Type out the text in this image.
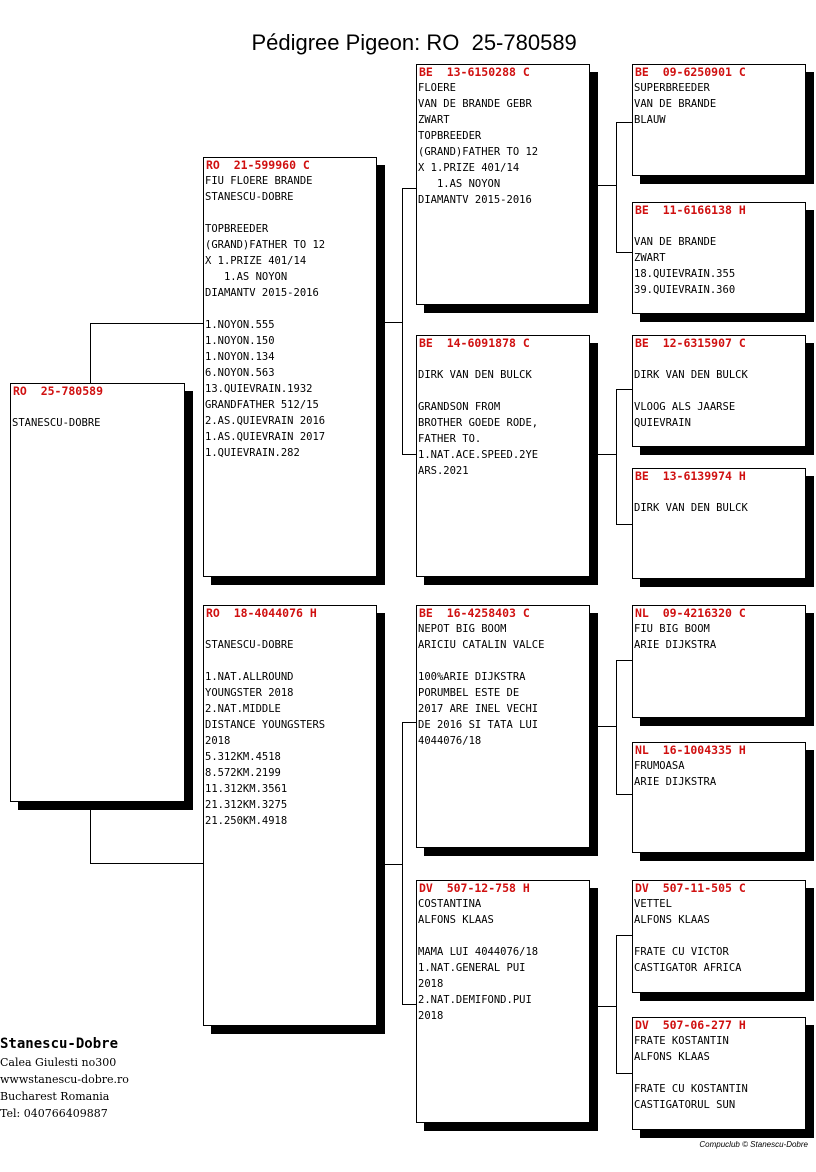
Pédigree Pigeon: RO  25-780589

RO  25-780589
STANESCU-DOBRE
RO  21-599960 C
FIU FLOERE BRANDE
STANESCU-DOBRE
TOPBREEDER
(GRAND)FATHER TO 12
X 1.PRIZE 401/14
1.AS NOYON
DIAMANTV 2015-2016
1.NOYON.555
1.NOYON.150
1.NOYON.134
6.NOYON.563
13.QUIEVRAIN.1932
GRANDFATHER 512/15
2.AS.QUIEVRAIN 2016
1.AS.QUIEVRAIN 2017
1.QUIEVRAIN.282
RO  18-4044076 H
STANESCU-DOBRE
1.NAT.ALLROUND
YOUNGSTER 2018
2.NAT.MIDDLE
DISTANCE YOUNGSTERS
2018
5.312KM.4518
8.572KM.2199
11.312KM.3561
21.312KM.3275
21.250KM.4918
BE  13-6150288 C
FLOERE
VAN DE BRANDE GEBR
ZWART
TOPBREEDER
(GRAND)FATHER TO 12
X 1.PRIZE 401/14
1.AS NOYON
DIAMANTV 2015-2016
BE  14-6091878 C
DIRK VAN DEN BULCK
GRANDSON FROM
BROTHER GOEDE RODE,
FATHER TO.
1.NAT.ACE.SPEED.2YE
ARS.2021
BE  16-4258403 C
NEPOT BIG BOOM
ARICIU CATALIN VALCE
100%ARIE DIJKSTRA
PORUMBEL ESTE DE
2017 ARE INEL VECHI
DE 2016 SI TATA LUI
4044076/18
DV  507-12-758 H
COSTANTINA
ALFONS KLAAS
MAMA LUI 4044076/18
1.NAT.GENERAL PUI
2018
2.NAT.DEMIFOND.PUI
2018
BE  09-6250901 C
SUPERBREEDER
VAN DE BRANDE
BLAUW
BE  11-6166138 H
VAN DE BRANDE
ZWART
18.QUIEVRAIN.355
39.QUIEVRAIN.360
BE  12-6315907 C
DIRK VAN DEN BULCK
VLOOG ALS JAARSE
QUIEVRAIN
BE  13-6139974 H
DIRK VAN DEN BULCK
NL  09-4216320 C
FIU BIG BOOM
ARIE DIJKSTRA
NL  16-1004335 H
FRUMOASA
ARIE DIJKSTRA
DV  507-11-505 C
VETTEL
ALFONS KLAAS
FRATE CU VICTOR
CASTIGATOR AFRICA
DV  507-06-277 H
FRATE KOSTANTIN
ALFONS KLAAS
FRATE CU KOSTANTIN
CASTIGATORUL SUN
Stanescu-Dobre
Calea Giulesti no300
wwwstanescu-dobre.ro
Bucharest Romania
Tel: 040766409887
Compuclub © Stanescu-Dobre
